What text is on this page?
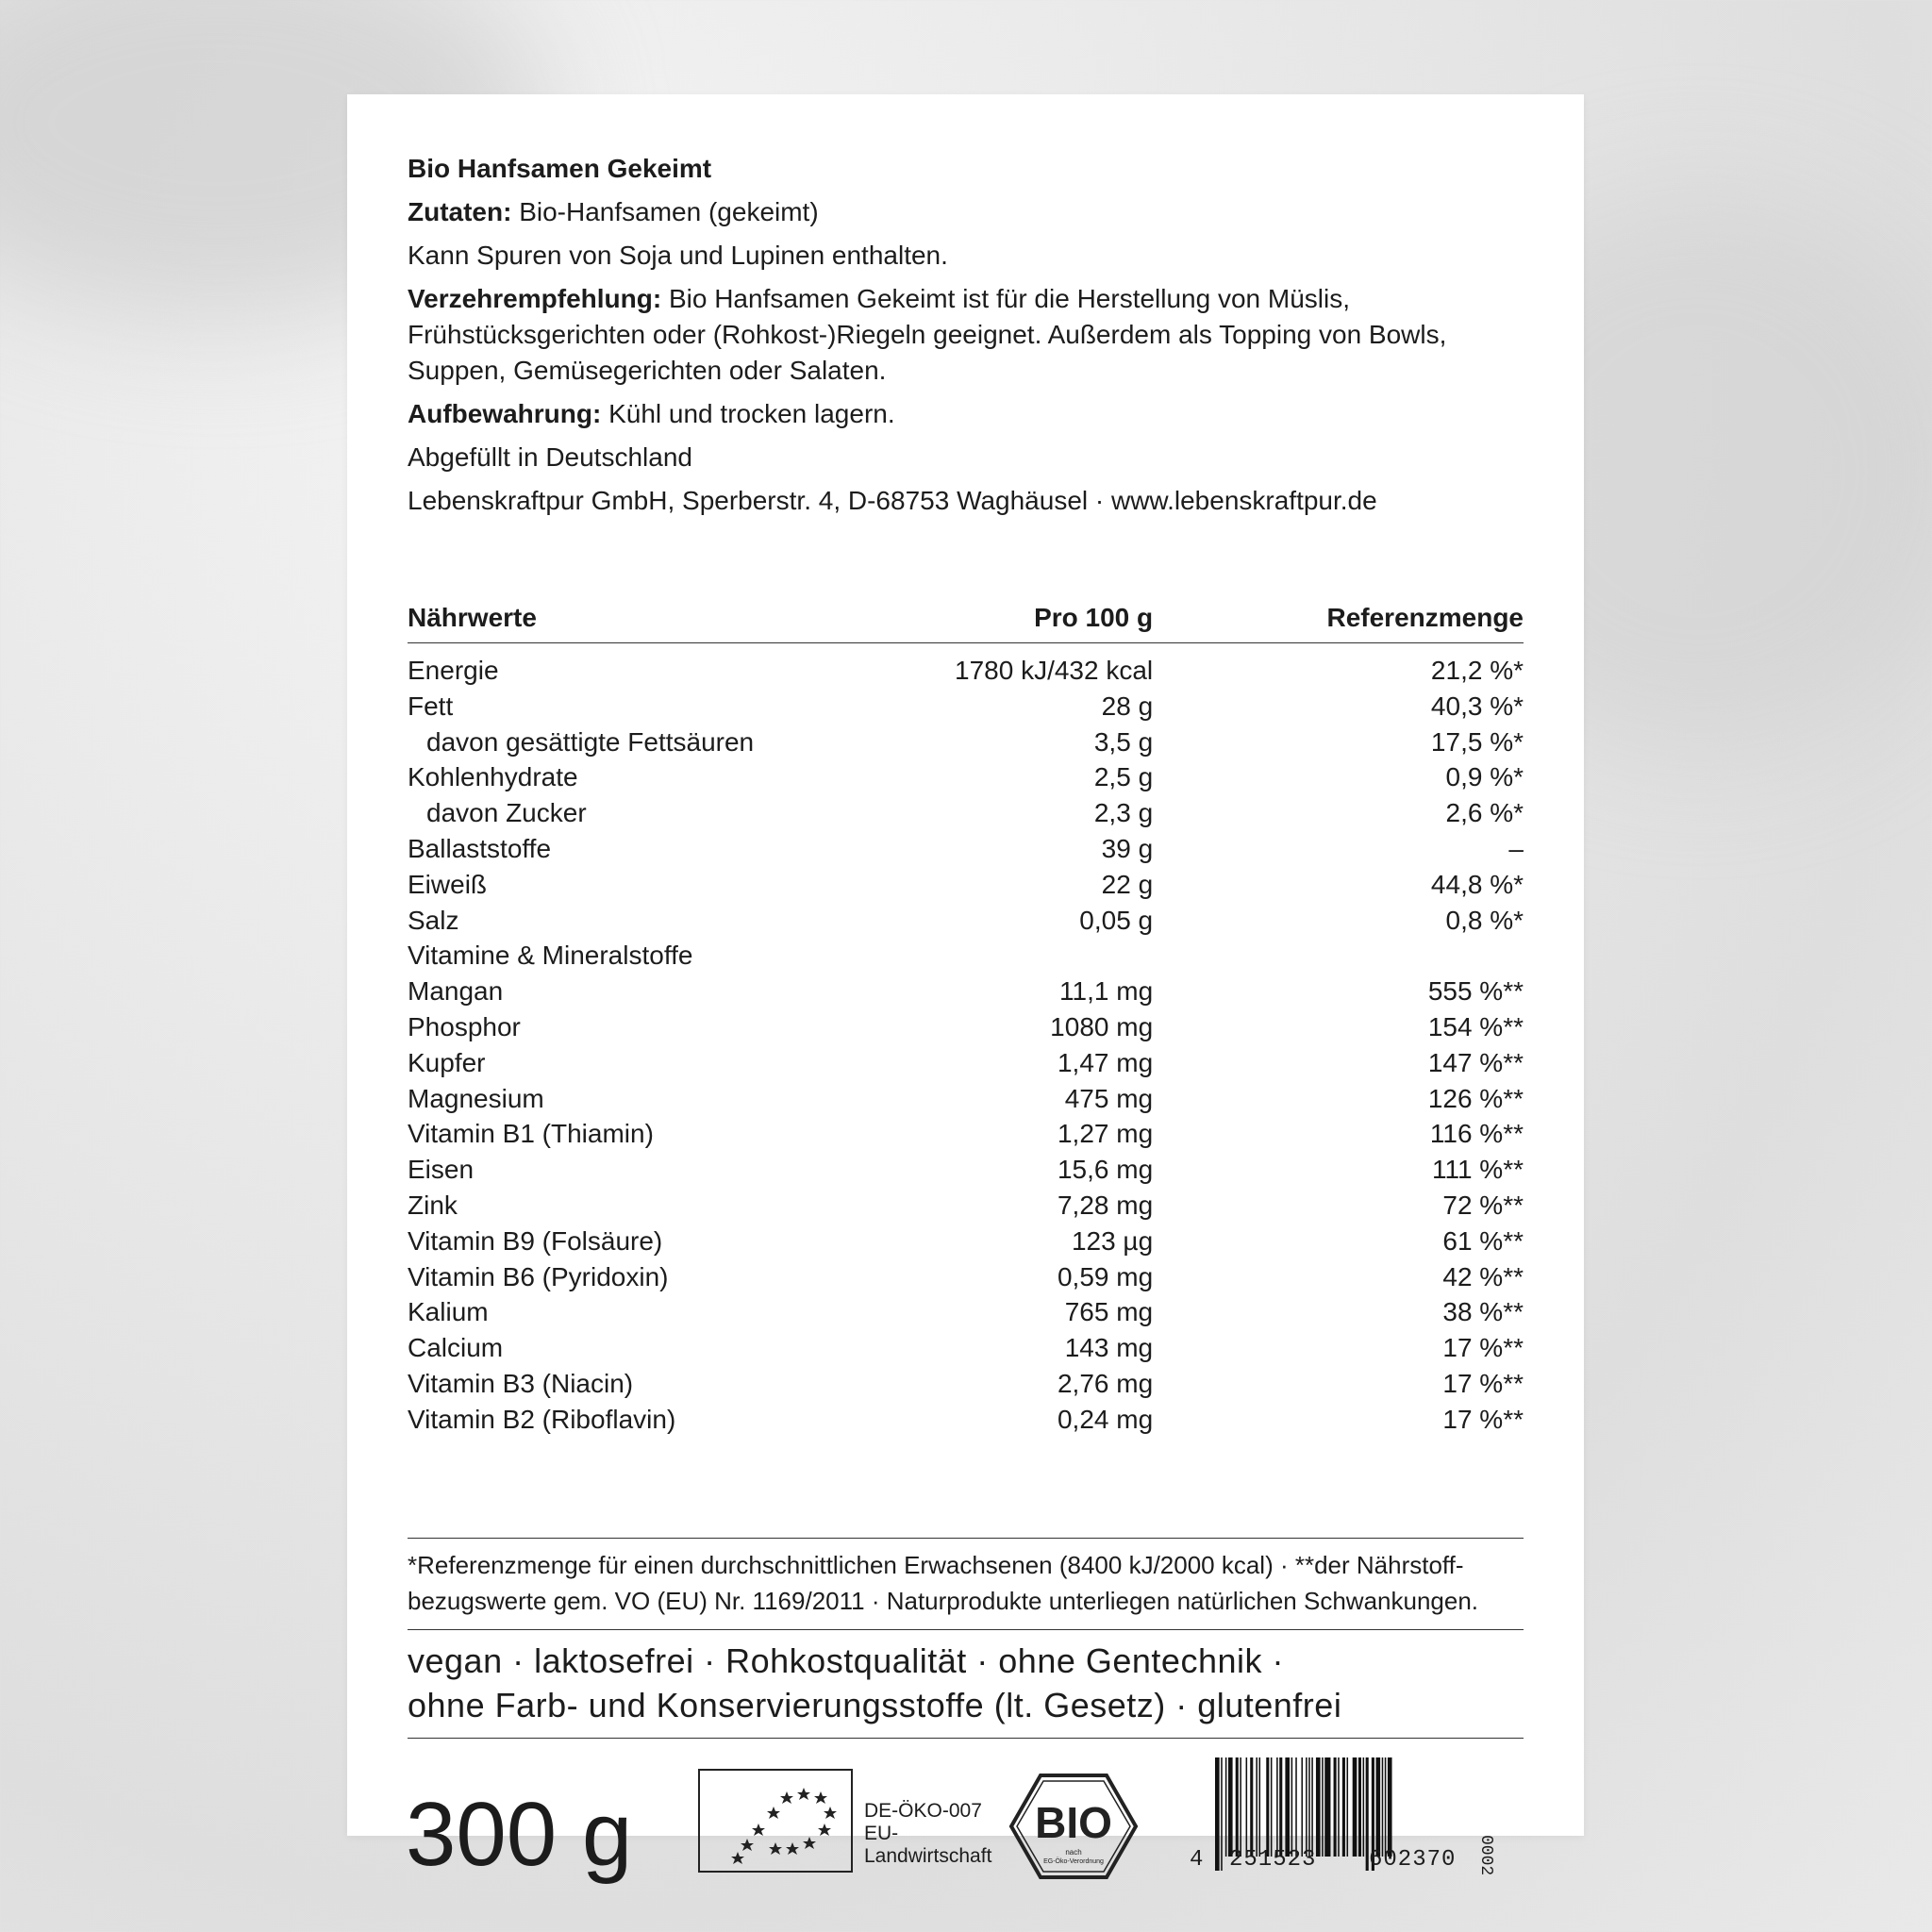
Bio Hanfsamen Gekeimt

Zutaten: Bio-Hanfsamen (gekeimt)

Kann Spuren von Soja und Lupinen enthalten.

Verzehrempfehlung: Bio Hanfsamen Gekeimt ist für die Herstellung von Müslis, Frühstücksgerichten oder (Rohkost-)Riegeln geeignet. Außerdem als Topping von Bowls, Suppen, Gemüsegerichten oder Salaten.

Aufbewahrung: Kühl und trocken lagern.

Abgefüllt in Deutschland

Lebenskraftpur GmbH, Sperberstr. 4, D-68753 Waghäusel · www.lebenskraftpur.de

Nährwerte	Pro 100 g	Referenzmenge
Energie	1780 kJ/432 kcal	21,2 %*
Fett	28 g	40,3 %*
davon gesättigte Fettsäuren	3,5 g	17,5 %*
Kohlenhydrate	2,5 g	0,9 %*
davon Zucker	2,3 g	2,6 %*
Ballaststoffe	39 g	–
Eiweiß	22 g	44,8 %*
Salz	0,05 g	0,8 %*
Vitamine & Mineralstoffe		
Mangan	11,1 mg	555 %**
Phosphor	1080 mg	154 %**
Kupfer	1,47 mg	147 %**
Magnesium	475 mg	126 %**
Vitamin B1 (Thiamin)	1,27 mg	116 %**
Eisen	15,6 mg	111 %**
Zink	7,28 mg	72 %**
Vitamin B9 (Folsäure)	123 µg	61 %**
Vitamin B6 (Pyridoxin)	0,59 mg	42 %**
Kalium	765 mg	38 %**
Calcium	143 mg	17 %**
Vitamin B3 (Niacin)	2,76 mg	17 %**
Vitamin B2 (Riboflavin)	0,24 mg	17 %**
*Referenzmenge für einen durchschnittlichen Erwachsenen (8400 kJ/2000 kcal) · **der Nährstoffbezugswerte gem. VO (EU) Nr. 1169/2011 · Naturprodukte unterliegen natürlichen Schwankungen.
vegan · laktosefrei · Rohkostqualität · ohne Gentechnik ·
ohne Farb- und Konservierungsstoffe (lt. Gesetz) · glutenfrei
300 g	DE-ÖKO-007
EU-
Landwirtschaft
BIO
nach
EG-Öko-Verordnung	4 251523 602370 0002
